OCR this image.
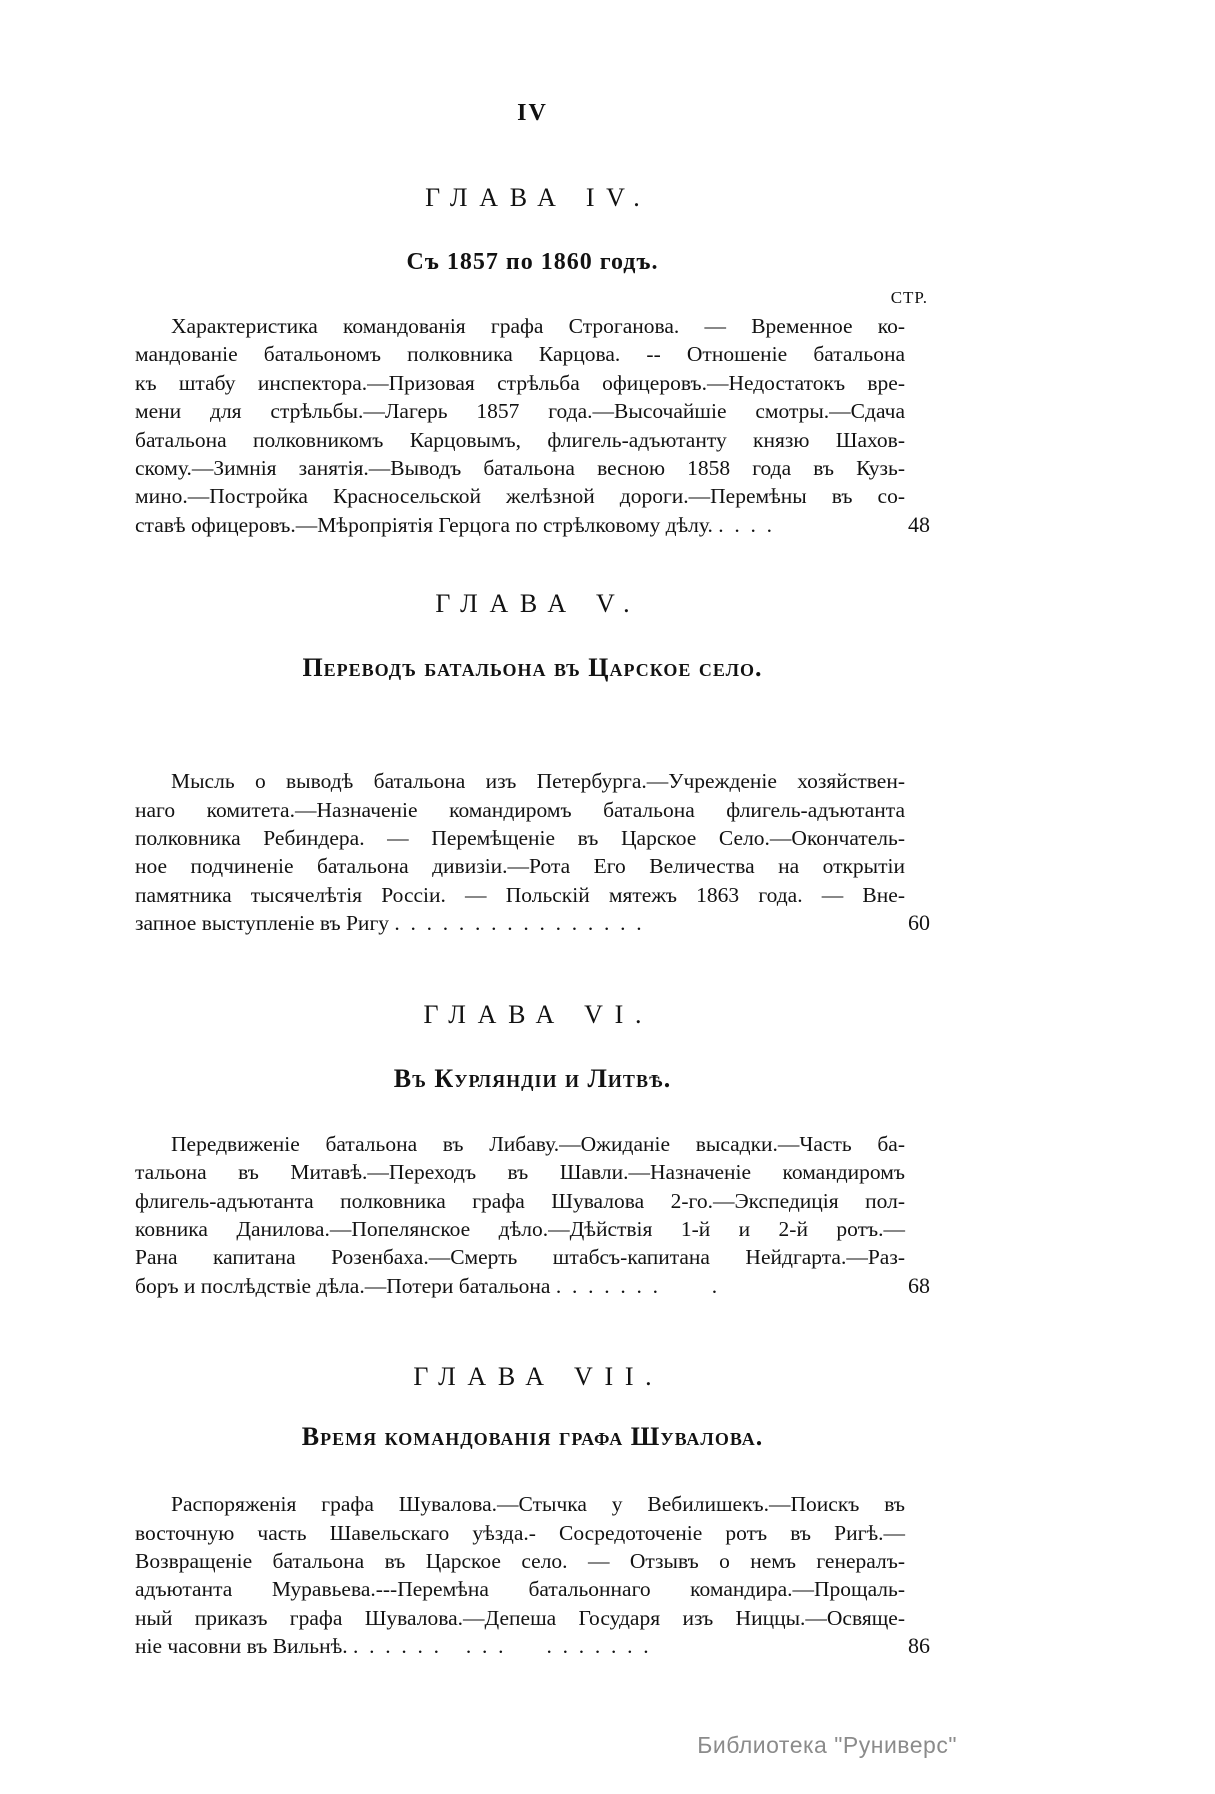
IV
ГЛАВА IV.
Съ 1857 по 1860 годъ.
СТР.
Характеристика командованія графа Строганова. — Временное ко-
мандованіе батальономъ полковника Карцова. -- Отношеніе батальона
къ штабу инспектора.—Призовая стрѣльба офицеровъ.—Недостатокъ вре-
мени для стрѣльбы.—Лагерь 1857 года.—Высочайшіе смотры.—Сдача
батальона полковникомъ Карцовымъ, флигель-адъютанту князю Шахов-
скому.—Зимнія занятія.—Выводъ батальона весною 1858 года въ Кузь-
мино.—Постройка Красносельской желѣзной дороги.—Перемѣны въ со-
ставѣ офицеровъ.—Мѣропріятія Герцога по стрѣлковому дѣлу. .  .  .  .	48
ГЛАВА V.
Переводъ батальона въ Царское село.
Мысль о выводѣ батальона изъ Петербурга.—Учрежденіе хозяйствен-
наго комитета.—Назначеніе командиромъ батальона флигель-адъютанта
полковника Ребиндера. — Перемѣщеніе въ Царское Село.—Окончатель-
ное подчиненіе батальона дивизіи.—Рота Его Величества на открытіи
памятника тысячелѣтія Россіи. — Польскій мятежъ 1863 года. — Вне-
запное выступленіе въ Ригу .  .  .  .  .  .  .  .  .  .  .  .  .  .  .  .	60
ГЛАВА VI.
Въ Курляндіи и Литвѣ.
Передвиженіе батальона въ Либаву.—Ожиданіе высадки.—Часть ба-
тальона въ Митавѣ.—Переходъ въ Шавли.—Назначеніе командиромъ
флигель-адъютанта полковника графа Шувалова 2-го.—Экспедиція пол-
ковника Данилова.—Попелянское дѣло.—Дѣйствія 1-й и 2-й ротъ.—
Рана капитана Розенбаха.—Смерть штабсъ-капитана Нейдгарта.—Раз-
боръ и послѣдствіе дѣла.—Потери батальона .  .  .  .  .  .  .          .	68
ГЛАВА VII.
Время командованія графа Шувалова.
Распоряженія графа Шувалова.—Стычка у Вебилишекъ.—Поискъ въ
восточную часть Шавельскаго уѣзда.- Сосредоточеніе ротъ въ Ригѣ.—
Возвращеніе батальона въ Царское село. — Отзывъ о немъ генералъ-
адъютанта Муравьева.---Перемѣна батальоннаго командира.—Прощаль-
ный приказъ графа Шувалова.—Депеша Государя изъ Ниццы.—Освяще-
ніе часовни въ Вильнѣ. .  .  .  .  .  .     .  .  .        .  .  .  .  .  .  .	86
Библиотека "Руниверс"
